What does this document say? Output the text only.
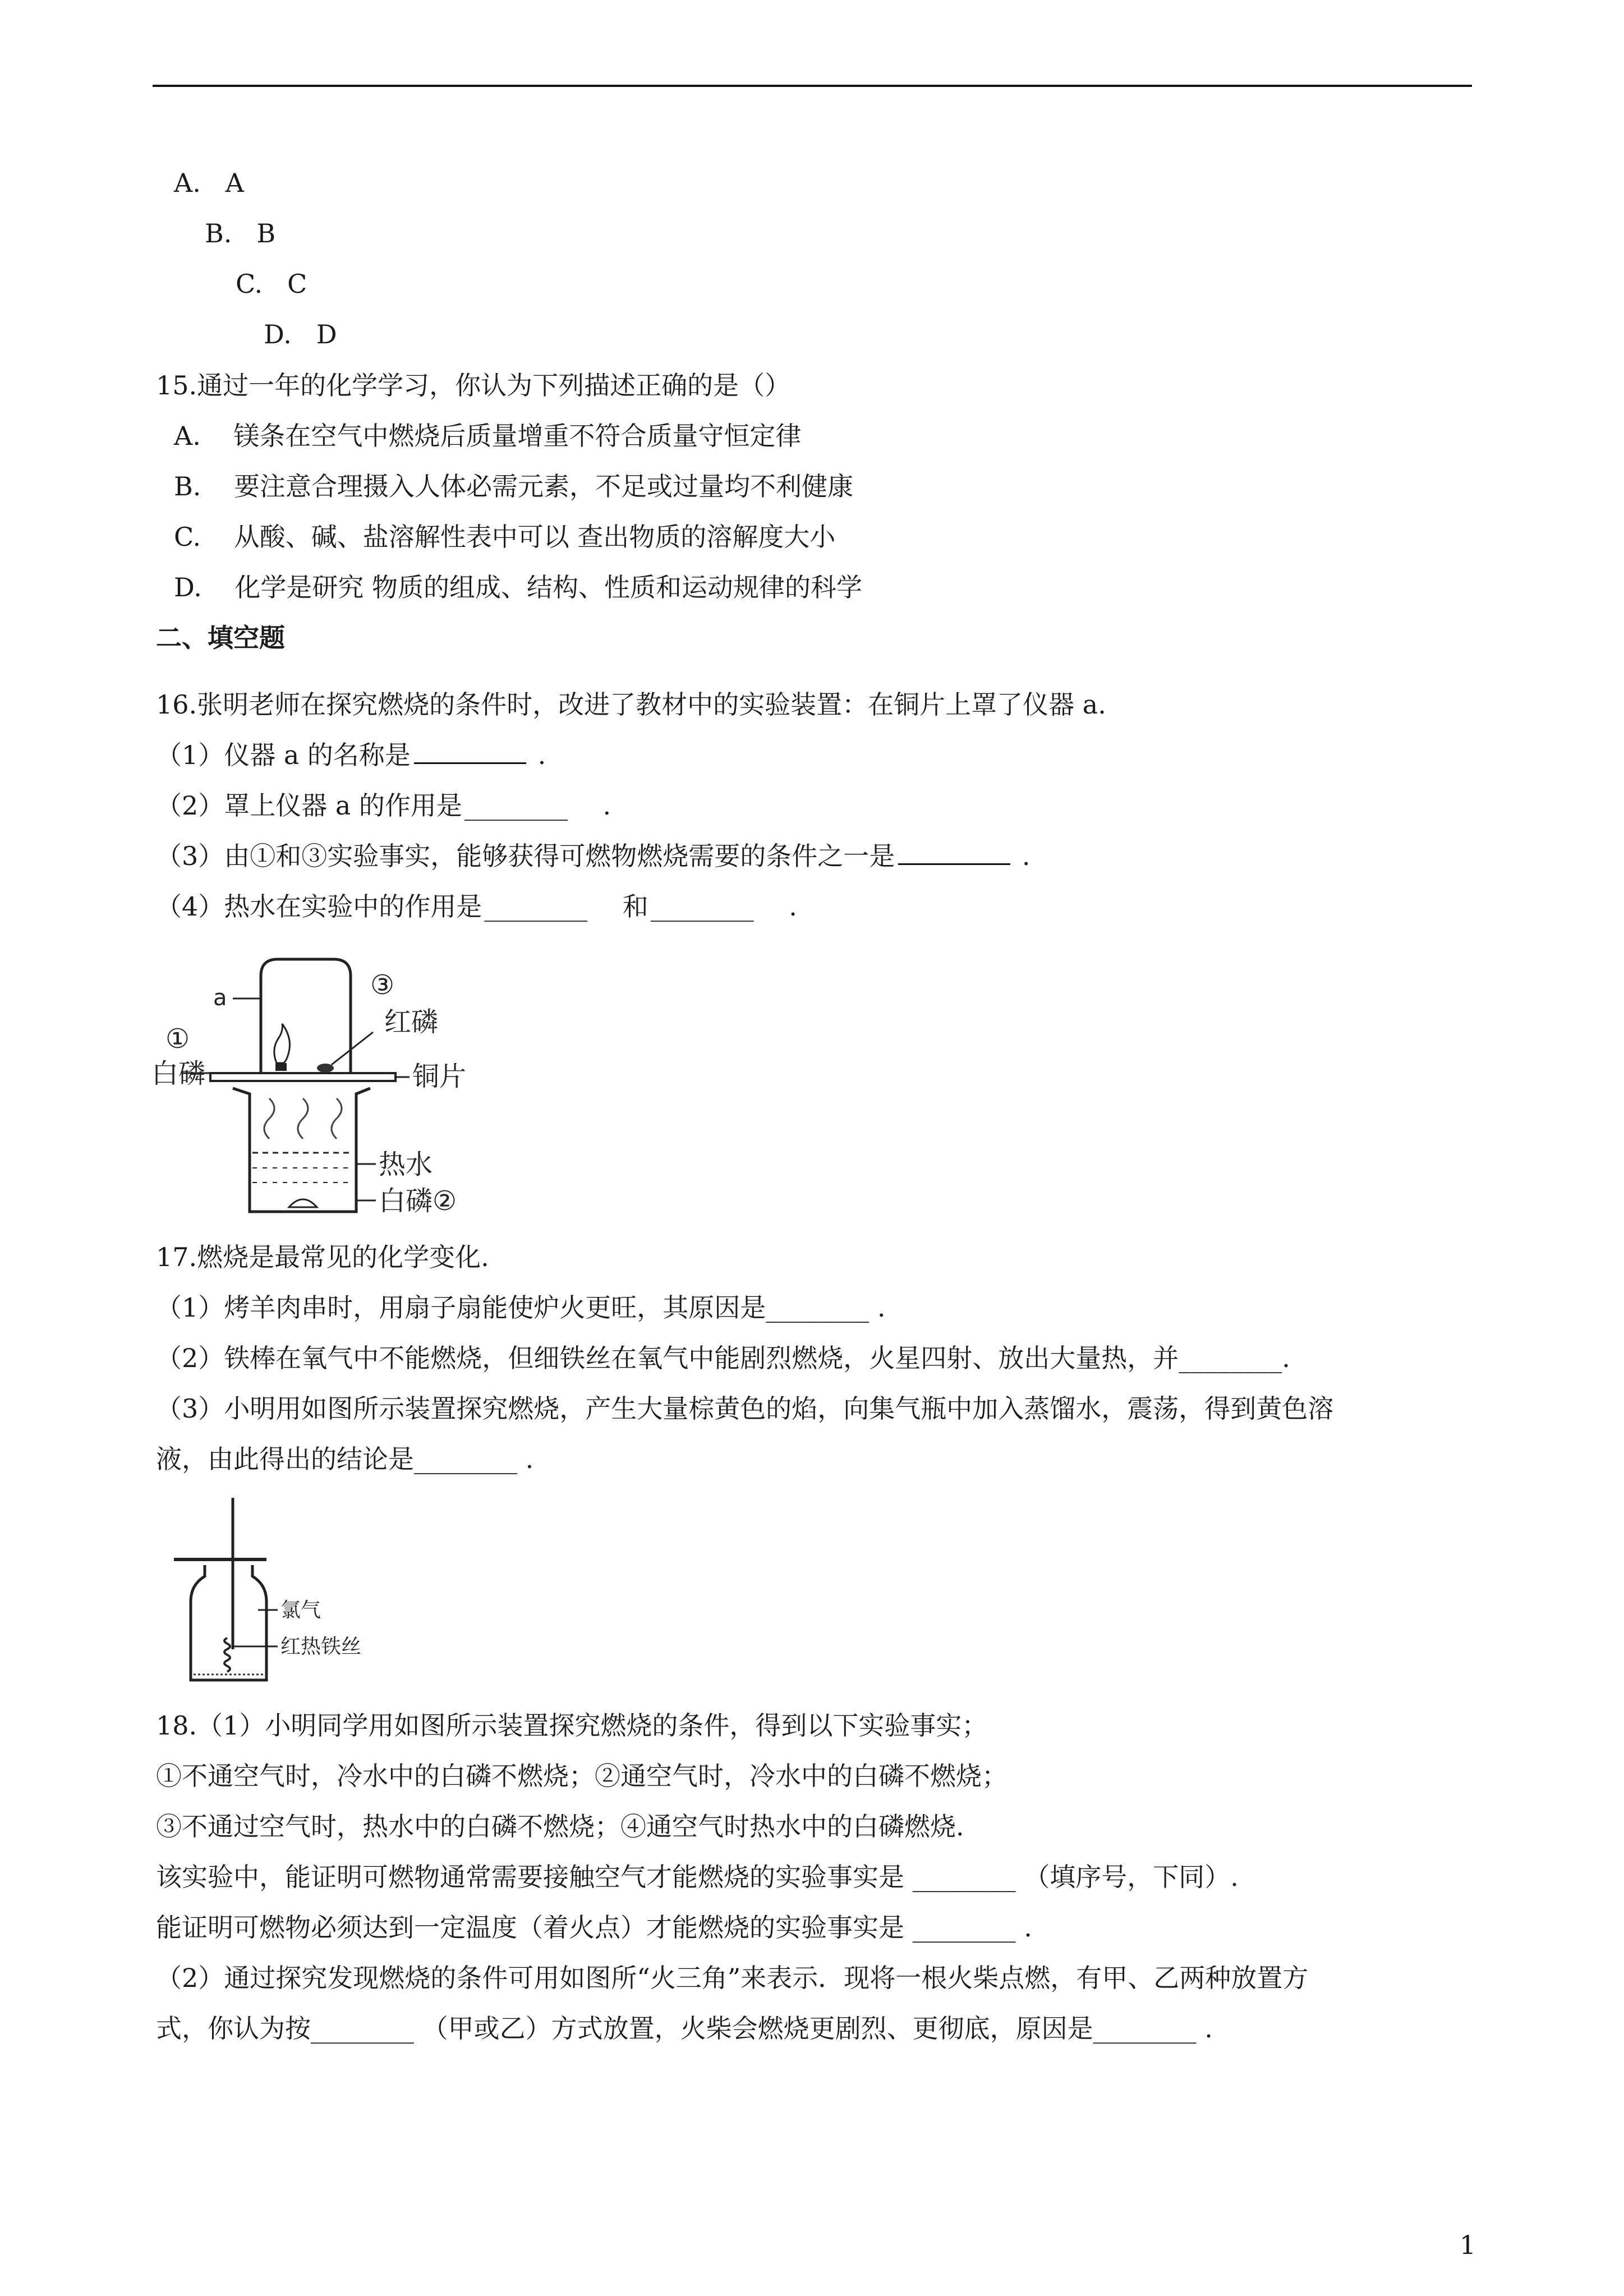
A. A
B. B
C. C
D. D
15.通过一年的化学学习，你认为下列描述正确的是（）
A. 镁条在空气中燃烧后质量增重不符合质量守恒定律
B. 要注意合理摄入人体必需元素，不足或过量均不利健康
C. 从酸、碱、盐溶解性表中可以 查出物质的溶解度大小
D. 化学是研究 物质的组成、结构、性质和运动规律的科学
二、填空题
16.张明老师在探究燃烧的条件时，改进了教材中的实验装置：在铜片上罩了仪器 a.
（1）仪器 a 的名称是	.
（2）罩上仪器 a 的作用是________ .
（3）由①和③实验事实，能够获得可燃物燃烧需要的条件之一是	.
（4）热水在实验中的作用是________ 和________ .
a	③
红磷
①
白磷	铜片
热水
白磷②
17.燃烧是最常见的化学变化.
（1）烤羊肉串时，用扇子扇能使炉火更旺，其原因是________ .
（2）铁棒在氧气中不能燃烧，但细铁丝在氧气中能剧烈燃烧，火星四射、放出大量热，并________.
（3）小明用如图所示装置探究燃烧，产生大量棕黄色的焰，向集气瓶中加入蒸馏水，震荡，得到黄色溶
液，由此得出的结论是________ .
氯气
红热铁丝
18.（1）小明同学用如图所示装置探究燃烧的条件，得到以下实验事实；
①不通空气时，冷水中的白磷不燃烧；②通空气时，冷水中的白磷不燃烧；
③不通过空气时，热水中的白磷不燃烧；④通空气时热水中的白磷燃烧.
该实验中，能证明可燃物通常需要接触空气才能燃烧的实验事实是 ________ （填序号，下同）.
能证明可燃物必须达到一定温度（着火点）才能燃烧的实验事实是 ________ .
（2）通过探究发现燃烧的条件可用如图所“火三角”来表示．现将一根火柴点燃，有甲、乙两种放置方
式，你认为按________ （甲或乙）方式放置，火柴会燃烧更剧烈、更彻底，原因是________ .
1
